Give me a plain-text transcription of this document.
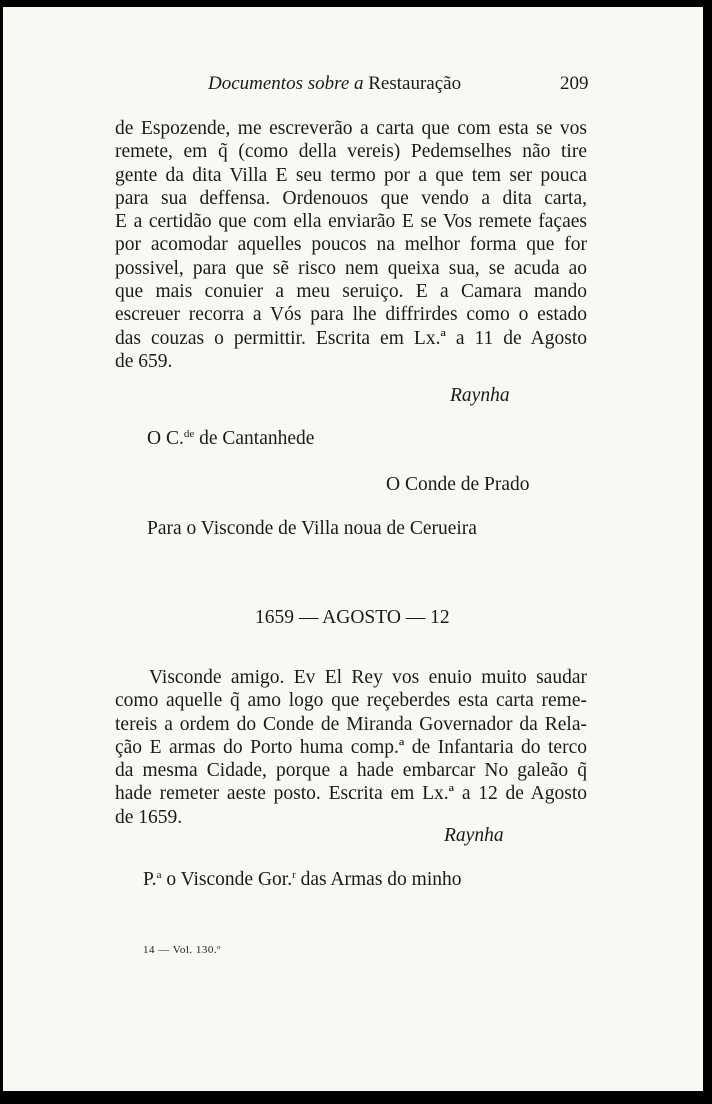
Documentos sobre a Restauração	209
de Espozende, me escreverão a carta que com esta se vos
remete, em q̃ (como della vereis) Pedemselhes não tire
gente da dita Villa E seu termo por a que tem ser pouca
para sua deffensa. Ordenouos que vendo a dita carta,
E a certidão que com ella enviarão E se Vos remete façaes
por acomodar aquelles poucos na melhor forma que for
possivel, para que sẽ risco nem queixa sua, se acuda ao
que mais conuier a meu seruiço. E a Camara mando
escreuer recorra a Vós para lhe diffrirdes como o estado
das couzas o permittir. Escrita em Lx.ª a 11 de Agosto
de 659.
Raynha
O C.$^{de}$ de Cantanhede
O Conde de Prado
Para o Visconde de Villa noua de Cerueira
1659 — AGOSTO — 12
Visconde amigo. Ev El Rey vos enuio muito saudar
como aquelle q̃ amo logo que reçeberdes esta carta reme-
tereis a ordem do Conde de Miranda Governador da Rela-
ção E armas do Porto huma comp.ª de Infantaria do terco
da mesma Cidade, porque a hade embarcar No galeão q̃
hade remeter aeste posto. Escrita em Lx.ª a 12 de Agosto
de 1659.
Raynha
P.$^a$ o Visconde Gor.$^r$ das Armas do minho
14 — Vol. 130.º
